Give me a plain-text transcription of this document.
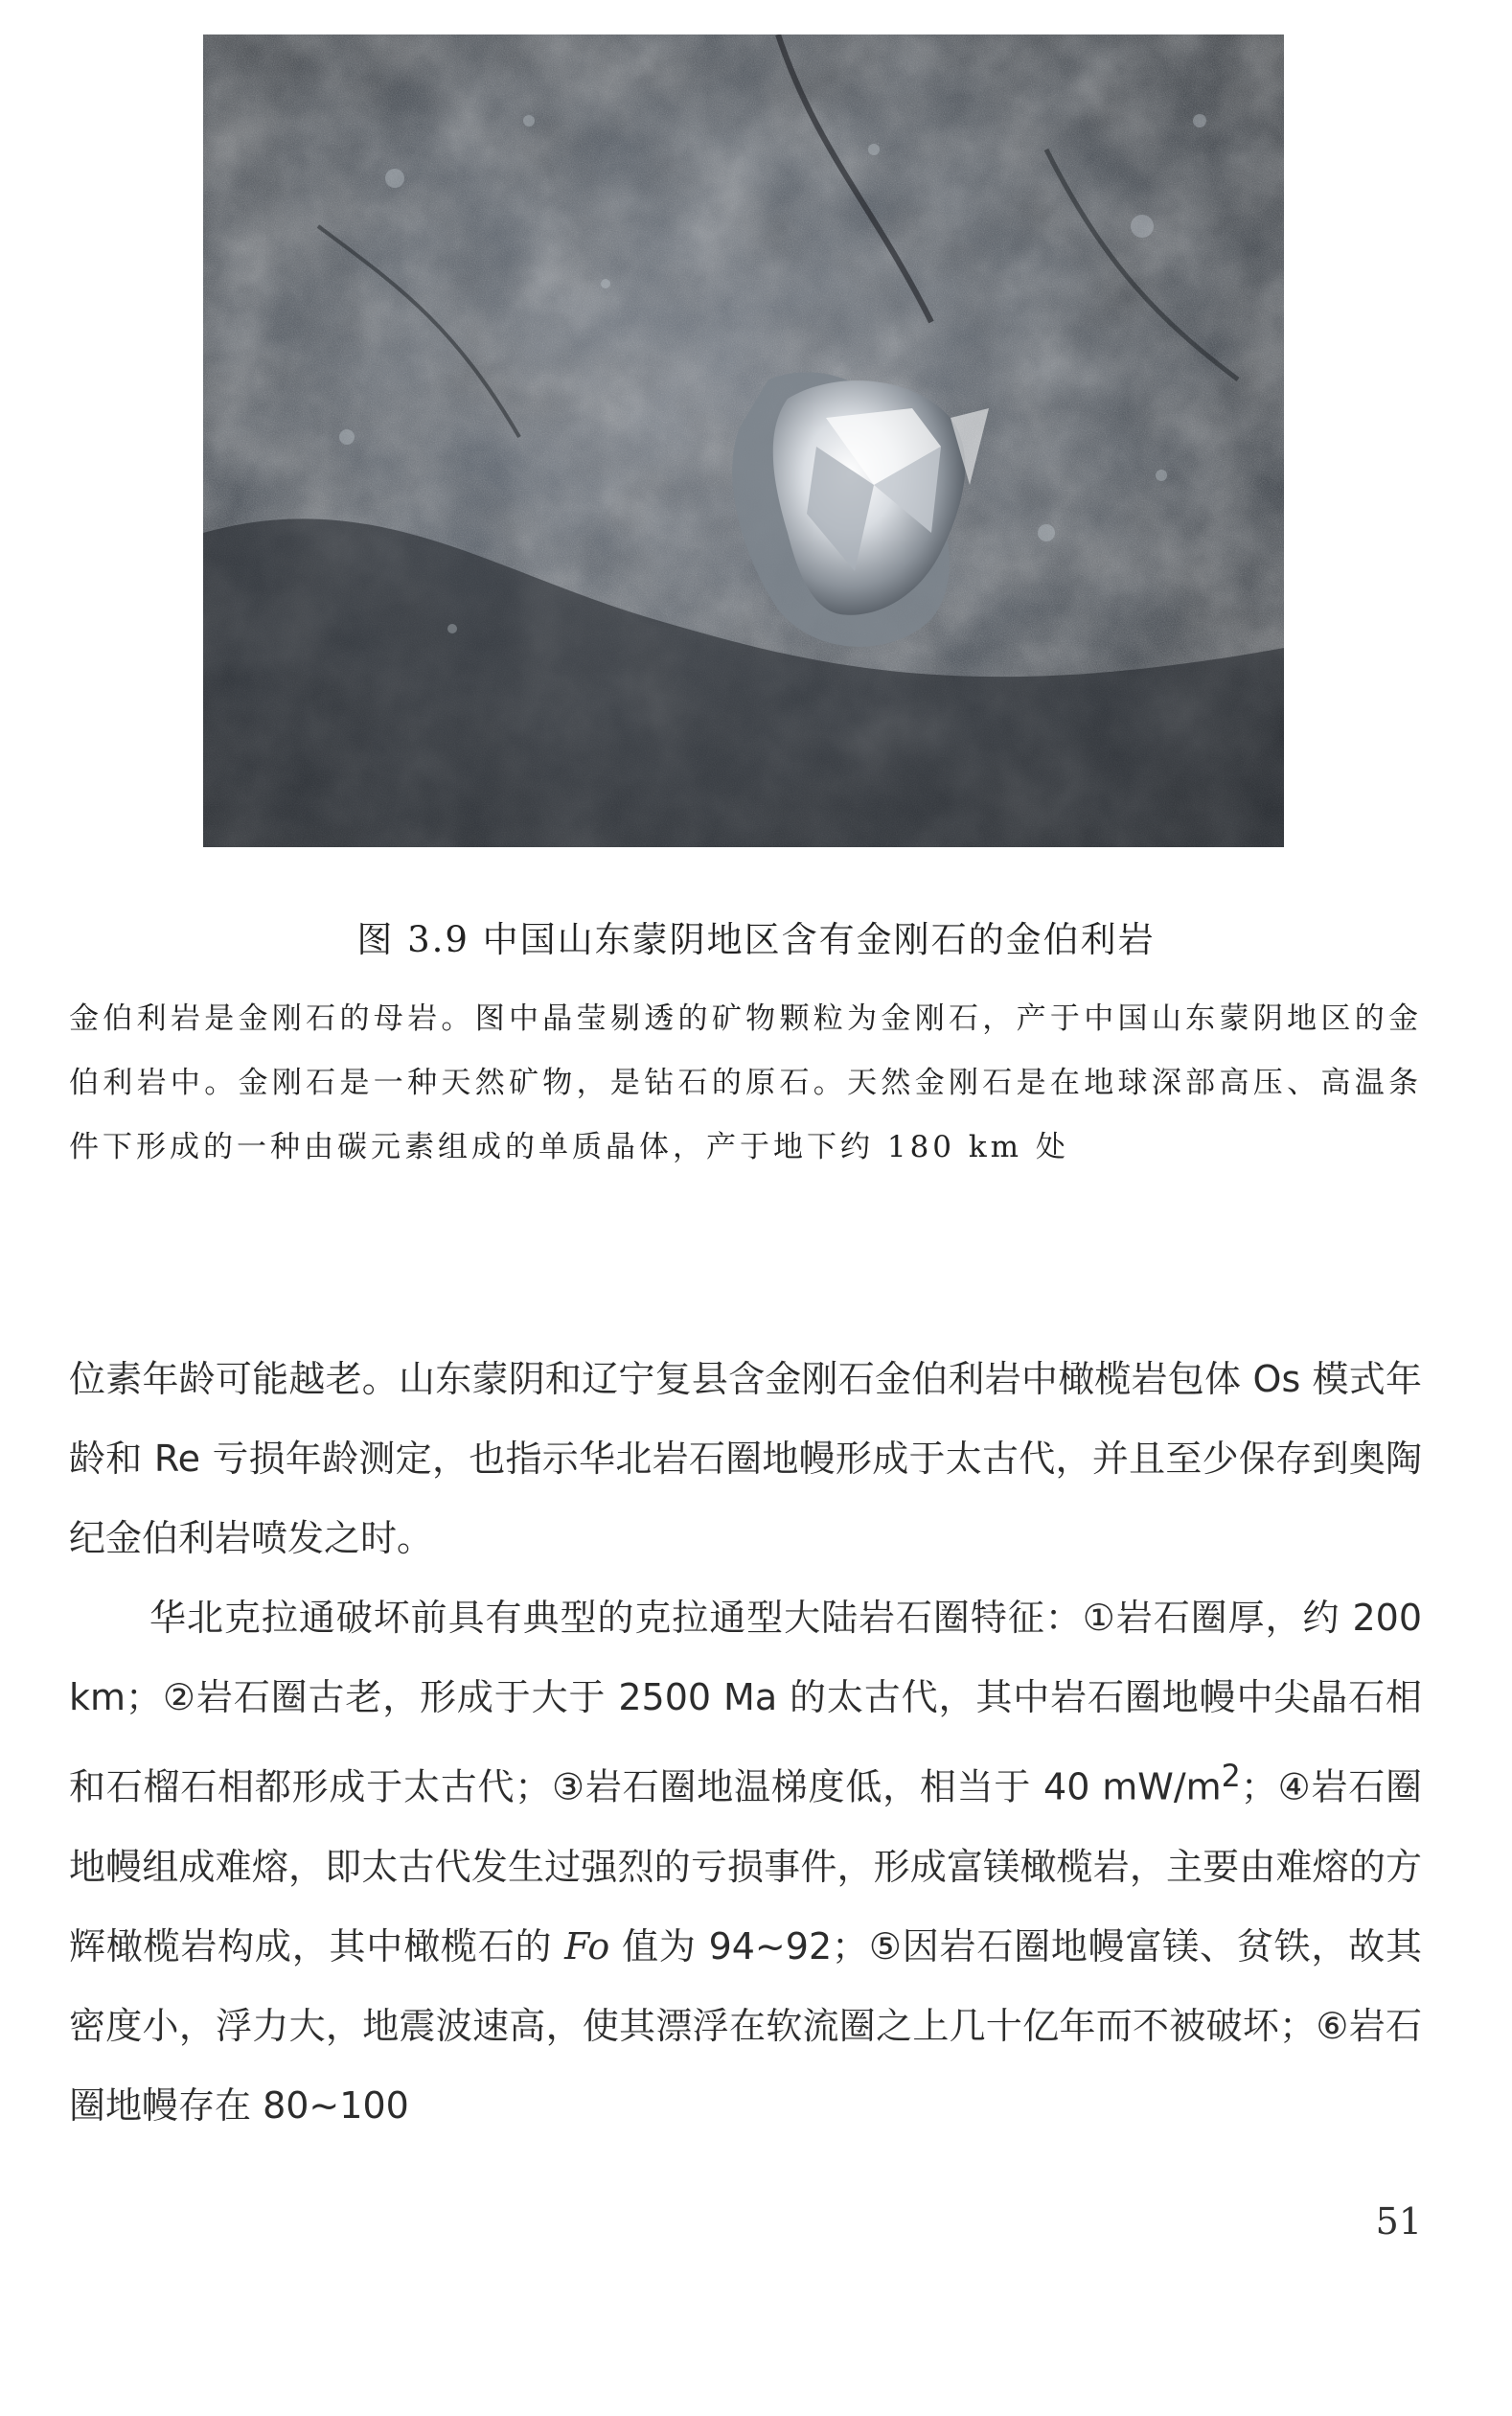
图 3.9 中国山东蒙阴地区含有金刚石的金伯利岩
金伯利岩是金刚石的母岩。图中晶莹剔透的矿物颗粒为金刚石，产于中国山东蒙阴地区的金伯利岩中。金刚石是一种天然矿物，是钻石的原石。天然金刚石是在地球深部高压、高温条件下形成的一种由碳元素组成的单质晶体，产于地下约 180 km 处

位素年龄可能越老。山东蒙阴和辽宁复县含金刚石金伯利岩中橄榄岩包体 Os 模式年龄和 Re 亏损年龄测定，也指示华北岩石圈地幔形成于太古代，并且至少保存到奥陶纪金伯利岩喷发之时。

华北克拉通破坏前具有典型的克拉通型大陆岩石圈特征：①岩石圈厚，约 200 km；②岩石圈古老，形成于大于 2500 Ma 的太古代，其中岩石圈地幔中尖晶石相和石榴石相都形成于太古代；③岩石圈地温梯度低，相当于 40 $mW/m^2$；④岩石圈地幔组成难熔，即太古代发生过强烈的亏损事件，形成富镁橄榄岩，主要由难熔的方辉橄榄岩构成，其中橄榄石的 Fo 值为 94~92；⑤因岩石圈地幔富镁、贫铁，故其密度小，浮力大，地震波速高，使其漂浮在软流圈之上几十亿年而不被破坏；⑥岩石圈地幔存在 80~100

51
